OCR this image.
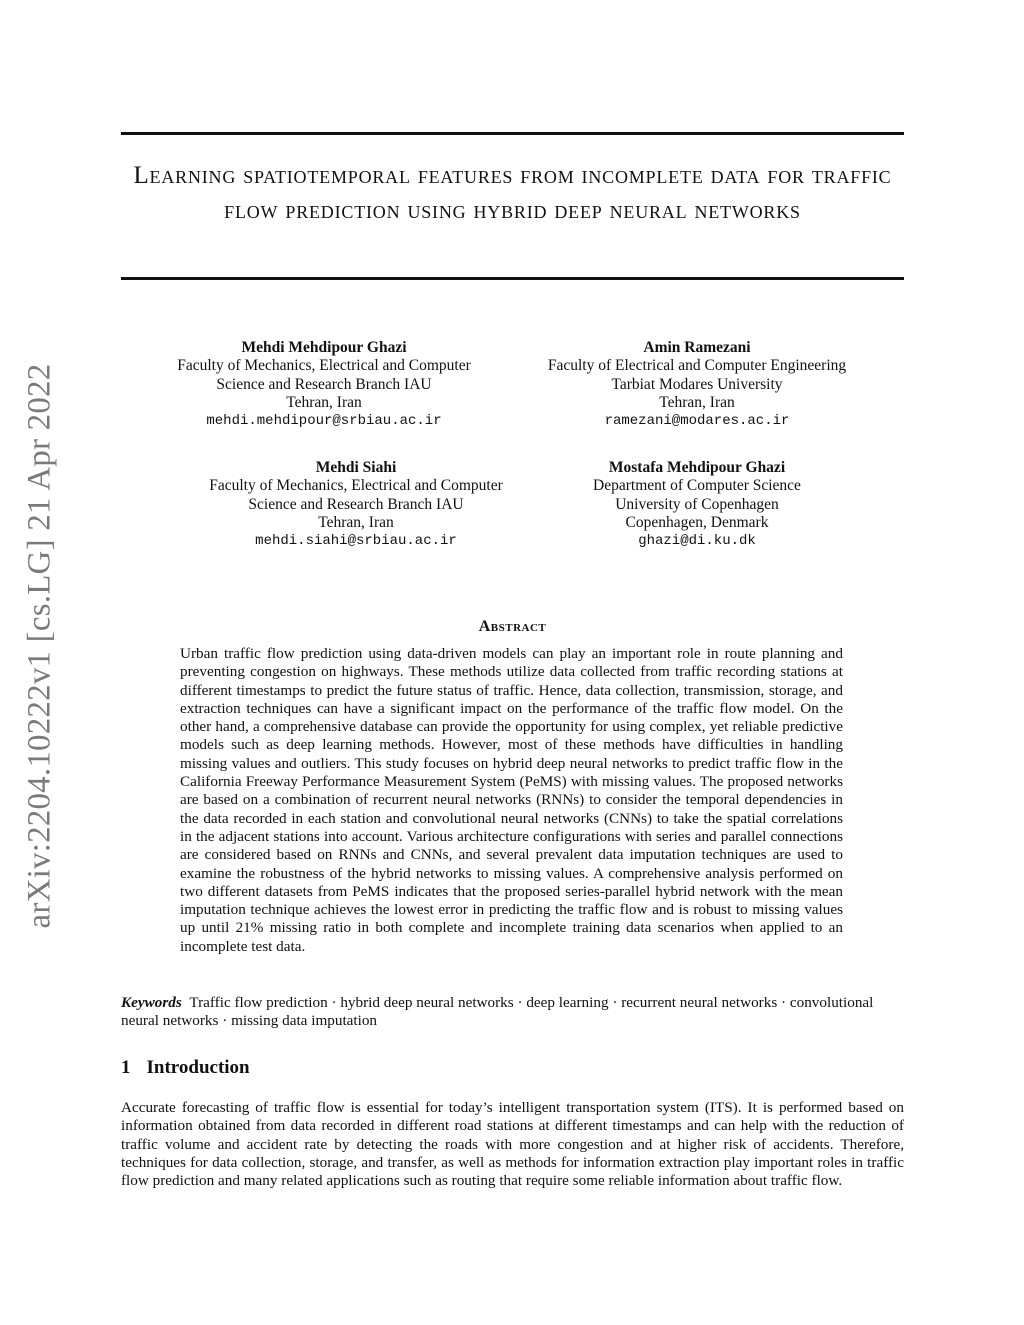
arXiv:2204.10222v1 [cs.LG] 21 Apr 2022
Learning spatiotemporal features from incomplete data for traffic flow prediction using hybrid deep neural networks
Mehdi Mehdipour Ghazi
Faculty of Mechanics, Electrical and Computer
Science and Research Branch IAU
Tehran, Iran
mehdi.mehdipour@srbiau.ac.ir
Amin Ramezani
Faculty of Electrical and Computer Engineering
Tarbiat Modares University
Tehran, Iran
ramezani@modares.ac.ir
Mehdi Siahi
Faculty of Mechanics, Electrical and Computer
Science and Research Branch IAU
Tehran, Iran
mehdi.siahi@srbiau.ac.ir
Mostafa Mehdipour Ghazi
Department of Computer Science
University of Copenhagen
Copenhagen, Denmark
ghazi@di.ku.dk
Abstract
Urban traffic flow prediction using data-driven models can play an important role in route planning and preventing congestion on highways. These methods utilize data collected from traffic recording stations at different timestamps to predict the future status of traffic. Hence, data collection, transmission, storage, and extraction techniques can have a significant impact on the performance of the traffic flow model. On the other hand, a comprehensive database can provide the opportunity for using complex, yet reliable predictive models such as deep learning methods. However, most of these methods have difficulties in handling missing values and outliers. This study focuses on hybrid deep neural networks to predict traffic flow in the California Freeway Performance Measurement System (PeMS) with missing values. The proposed networks are based on a combination of recurrent neural networks (RNNs) to consider the temporal dependencies in the data recorded in each station and convolutional neural networks (CNNs) to take the spatial correlations in the adjacent stations into account. Various architecture configurations with series and parallel connections are considered based on RNNs and CNNs, and several prevalent data imputation techniques are used to examine the robustness of the hybrid networks to missing values. A comprehensive analysis performed on two different datasets from PeMS indicates that the proposed series-parallel hybrid network with the mean imputation technique achieves the lowest error in predicting the traffic flow and is robust to missing values up until 21% missing ratio in both complete and incomplete training data scenarios when applied to an incomplete test data.
Keywords Traffic flow prediction · hybrid deep neural networks · deep learning · recurrent neural networks · convolutional neural networks · missing data imputation
1 Introduction
Accurate forecasting of traffic flow is essential for today’s intelligent transportation system (ITS). It is performed based on information obtained from data recorded in different road stations at different timestamps and can help with the reduction of traffic volume and accident rate by detecting the roads with more congestion and at higher risk of accidents. Therefore, techniques for data collection, storage, and transfer, as well as methods for information extraction play important roles in traffic flow prediction and many related applications such as routing that require some reliable information about traffic flow.
